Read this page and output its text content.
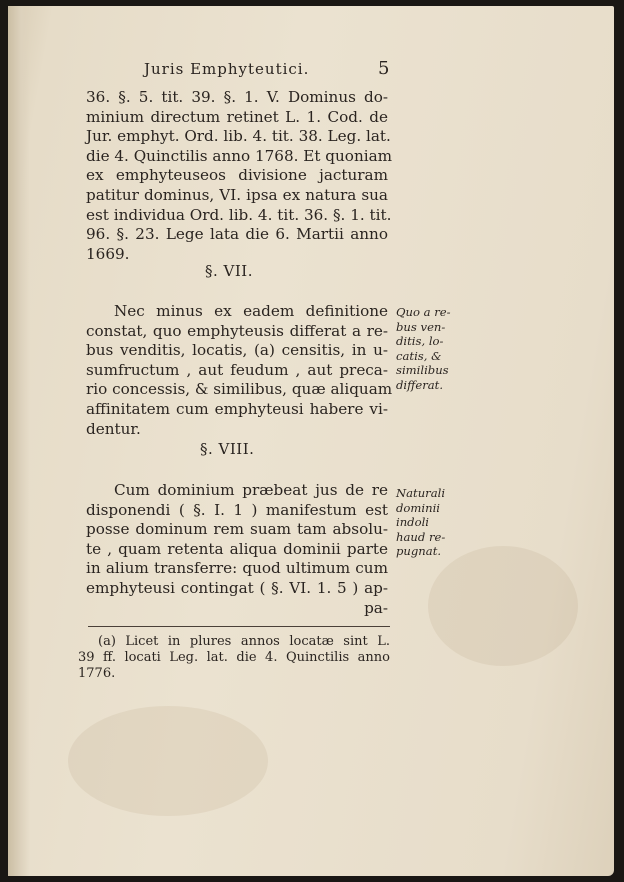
Juris Emphyteutici.	5
36. §. 5. tit. 39. §. 1. V. Dominus do-
minium directum retinet L. 1. Cod. de
Jur. emphyt. Ord. lib. 4. tit. 38. Leg. lat.
die 4. Quinctilis anno 1768. Et quoniam
ex emphyteuseos divisione jacturam
patitur dominus, VI. ipsa ex natura sua
est individua Ord. lib. 4. tit. 36. §. 1. tit.
96. §. 23. Lege lata die 6. Martii anno
1669.
§. VII.
Nec minus ex eadem definitione
constat, quo emphyteusis differat a re-
bus venditis, locatis, (a) censitis, in u-
sumfructum , aut feudum , aut preca-
rio concessis, & similibus, quæ aliquam
affinitatem cum emphyteusi habere vi-
dentur.
Quo a re-
bus ven-
ditis, lo-
catis, &
similibus
differat.
§. VIII.
Cum dominium præbeat jus de re
disponendi ( §. I. 1 ) manifestum est
posse dominum rem suam tam absolu-
te , quam retenta aliqua dominii parte
in alium transferre: quod ultimum cum
emphyteusi contingat ( §. VI. 1. 5 ) ap-
pa-
Naturali
dominii
indoli
haud re-
pugnat.
(a) Licet in plures annos locatæ sint L.
39 ff. locati Leg. lat. die 4. Quinctilis anno
1776.
